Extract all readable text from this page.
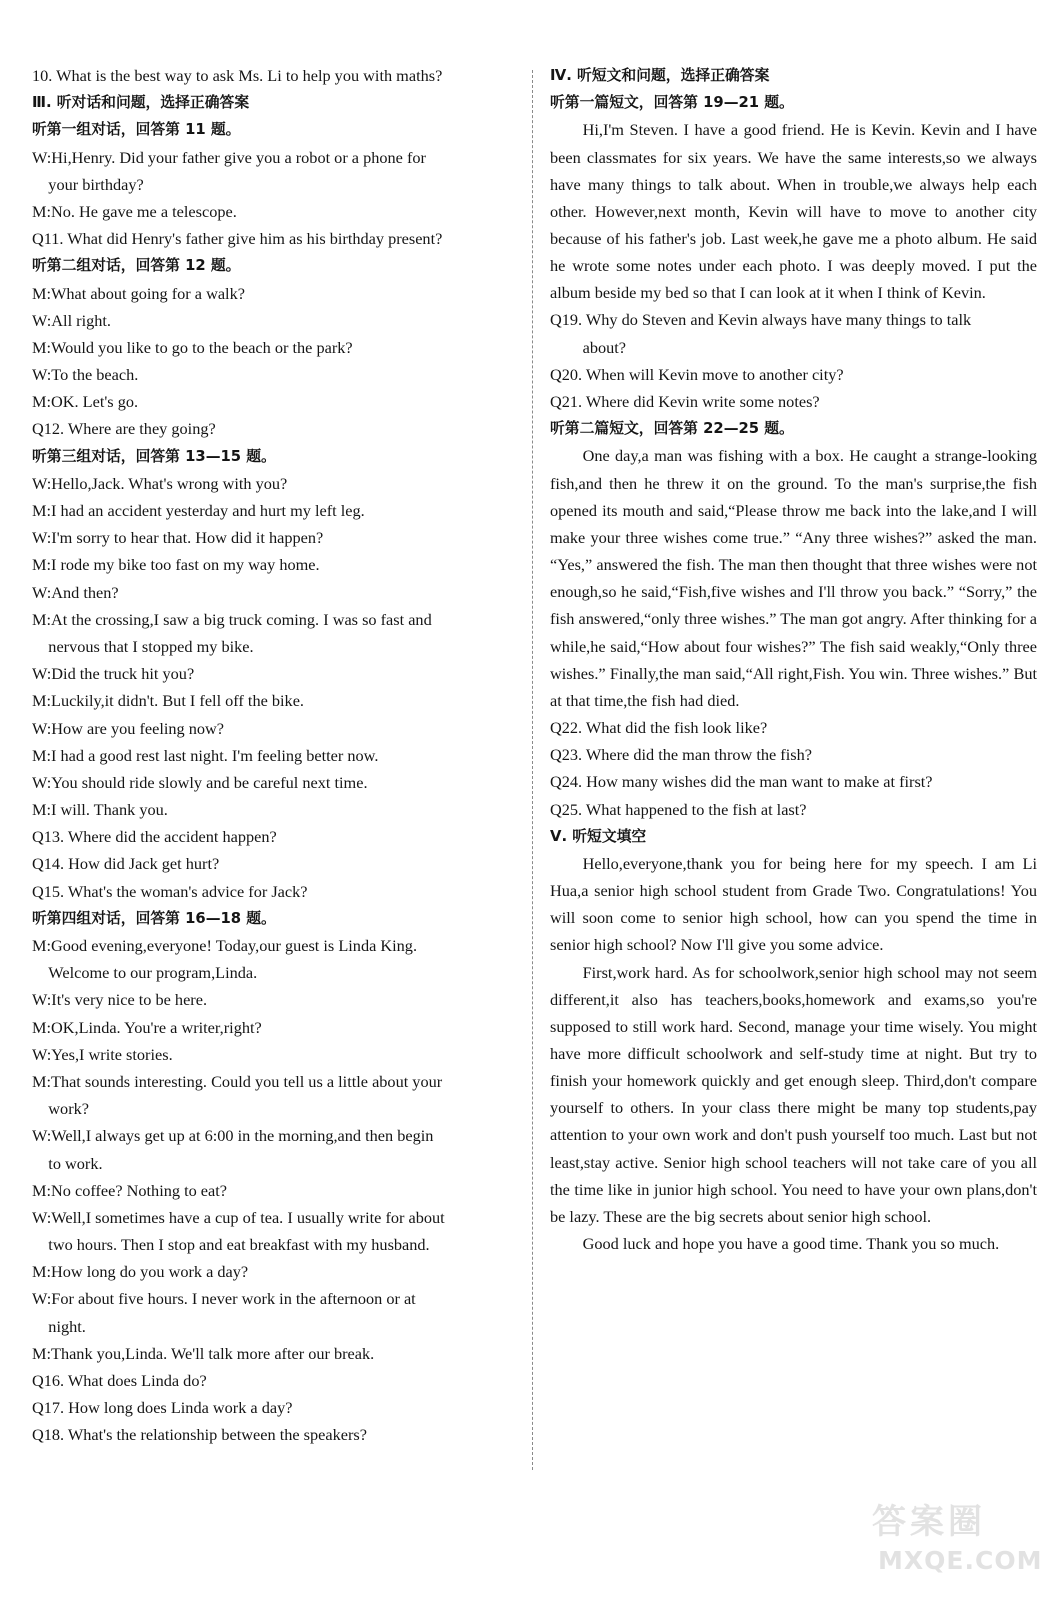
10. What is the best way to ask Ms. Li to help you with maths?
Ⅲ. 听对话和问题，选择正确答案
听第一组对话，回答第 11 题。
W:Hi,Henry. Did your father give you a robot or a phone for
your birthday?
M:No. He gave me a telescope.
Q11. What did Henry's father give him as his birthday present?
听第二组对话，回答第 12 题。
M:What about going for a walk?
W:All right.
M:Would you like to go to the beach or the park?
W:To the beach.
M:OK. Let's go.
Q12. Where are they going?
听第三组对话，回答第 13—15 题。
W:Hello,Jack. What's wrong with you?
M:I had an accident yesterday and hurt my left leg.
W:I'm sorry to hear that. How did it happen?
M:I rode my bike too fast on my way home.
W:And then?
M:At the crossing,I saw a big truck coming. I was so fast and
nervous that I stopped my bike.
W:Did the truck hit you?
M:Luckily,it didn't. But I fell off the bike.
W:How are you feeling now?
M:I had a good rest last night. I'm feeling better now.
W:You should ride slowly and be careful next time.
M:I will. Thank you.
Q13. Where did the accident happen?
Q14. How did Jack get hurt?
Q15. What's the woman's advice for Jack?
听第四组对话，回答第 16—18 题。
M:Good evening,everyone! Today,our guest is Linda King.
Welcome to our program,Linda.
W:It's very nice to be here.
M:OK,Linda. You're a writer,right?
W:Yes,I write stories.
M:That sounds interesting. Could you tell us a little about your
work?
W:Well,I always get up at 6:00 in the morning,and then begin
to work.
M:No coffee? Nothing to eat?
W:Well,I sometimes have a cup of tea. I usually write for about
two hours. Then I stop and eat breakfast with my husband.
M:How long do you work a day?
W:For about five hours. I never work in the afternoon or at
night.
M:Thank you,Linda. We'll talk more after our break.
Q16. What does Linda do?
Q17. How long does Linda work a day?
Q18. What's the relationship between the speakers?
Ⅳ. 听短文和问题，选择正确答案
听第一篇短文，回答第 19—21 题。
Hi,I'm Steven. I have a good friend. He is Kevin. Kevin and I have been classmates for six years. We have the same interests,so we always have many things to talk about. When in trouble,we always help each other. However,next month, Kevin will have to move to another city because of his father's job. Last week,he gave me a photo album. He said he wrote some notes under each photo. I was deeply moved. I put the album beside my bed so that I can look at it when I think of Kevin.
Q19. Why do Steven and Kevin always have many things to talk
about?
Q20. When will Kevin move to another city?
Q21. Where did Kevin write some notes?
听第二篇短文，回答第 22—25 题。
One day,a man was fishing with a box. He caught a strange-looking fish,and then he threw it on the ground. To the man's surprise,the fish opened its mouth and said,“Please throw me back into the lake,and I will make your three wishes come true.” “Any three wishes?” asked the man. “Yes,” answered the fish. The man then thought that three wishes were not enough,so he said,“Fish,five wishes and I'll throw you back.” “Sorry,” the fish answered,“only three wishes.” The man got angry. After thinking for a while,he said,“How about four wishes?” The fish said weakly,“Only three wishes.” Finally,the man said,“All right,Fish. You win. Three wishes.” But at that time,the fish had died.
Q22. What did the fish look like?
Q23. Where did the man throw the fish?
Q24. How many wishes did the man want to make at first?
Q25. What happened to the fish at last?
Ⅴ. 听短文填空
Hello,everyone,thank you for being here for my speech. I am Li Hua,a senior high school student from Grade Two. Congratulations! You will soon come to senior high school, how can you spend the time in senior high school? Now I'll give you some advice.
First,work hard. As for schoolwork,senior high school may not seem different,it also has teachers,books,homework and exams,so you're supposed to still work hard. Second, manage your time wisely. You might have more difficult schoolwork and self-study time at night. But try to finish your homework quickly and get enough sleep. Third,don't compare yourself to others. In your class there might be many top students,pay attention to your own work and don't push yourself too much. Last but not least,stay active. Senior high school teachers will not take care of you all the time like in junior high school. You need to have your own plans,don't be lazy. These are the big secrets about senior high school.
Good luck and hope you have a good time. Thank you so much.
答案圈
MXQE.COM
